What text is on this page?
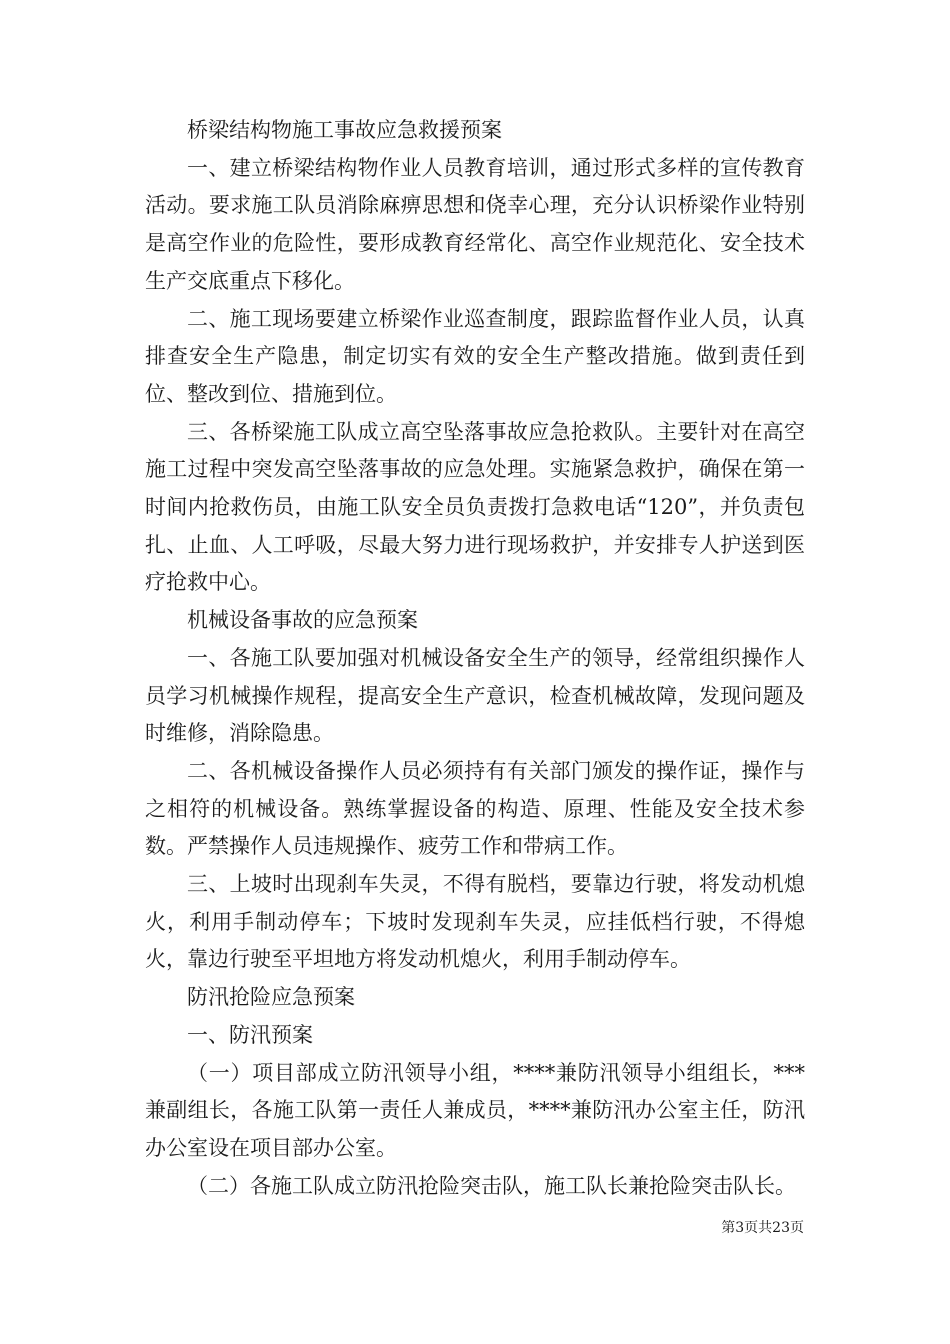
桥梁结构物施工事故应急救援预案

一、建立桥梁结构物作业人员教育培训，通过形式多样的宣传教育活动。要求施工队员消除麻痹思想和侥幸心理，充分认识桥梁作业特别是高空作业的危险性，要形成教育经常化、高空作业规范化、安全技术生产交底重点下移化。

二、施工现场要建立桥梁作业巡查制度，跟踪监督作业人员，认真排查安全生产隐患，制定切实有效的安全生产整改措施。做到责任到位、整改到位、措施到位。

三、各桥梁施工队成立高空坠落事故应急抢救队。主要针对在高空施工过程中突发高空坠落事故的应急处理。实施紧急救护，确保在第一时间内抢救伤员，由施工队安全员负责拨打急救电话“120”，并负责包扎、止血、人工呼吸，尽最大努力进行现场救护，并安排专人护送到医疗抢救中心。

机械设备事故的应急预案

一、各施工队要加强对机械设备安全生产的领导，经常组织操作人员学习机械操作规程，提高安全生产意识，检查机械故障，发现问题及时维修，消除隐患。

二、各机械设备操作人员必须持有有关部门颁发的操作证，操作与之相符的机械设备。熟练掌握设备的构造、原理、性能及安全技术参数。严禁操作人员违规操作、疲劳工作和带病工作。

三、上坡时出现刹车失灵，不得有脱档，要靠边行驶，将发动机熄火，利用手制动停车；下坡时发现刹车失灵，应挂低档行驶，不得熄火，靠边行驶至平坦地方将发动机熄火，利用手制动停车。

防汛抢险应急预案

一、防汛预案

（一）项目部成立防汛领导小组，****兼防汛领导小组组长，***兼副组长，各施工队第一责任人兼成员，****兼防汛办公室主任，防汛办公室设在项目部办公室。

（二）各施工队成立防汛抢险突击队，施工队长兼抢险突击队长。

第3页共23页
